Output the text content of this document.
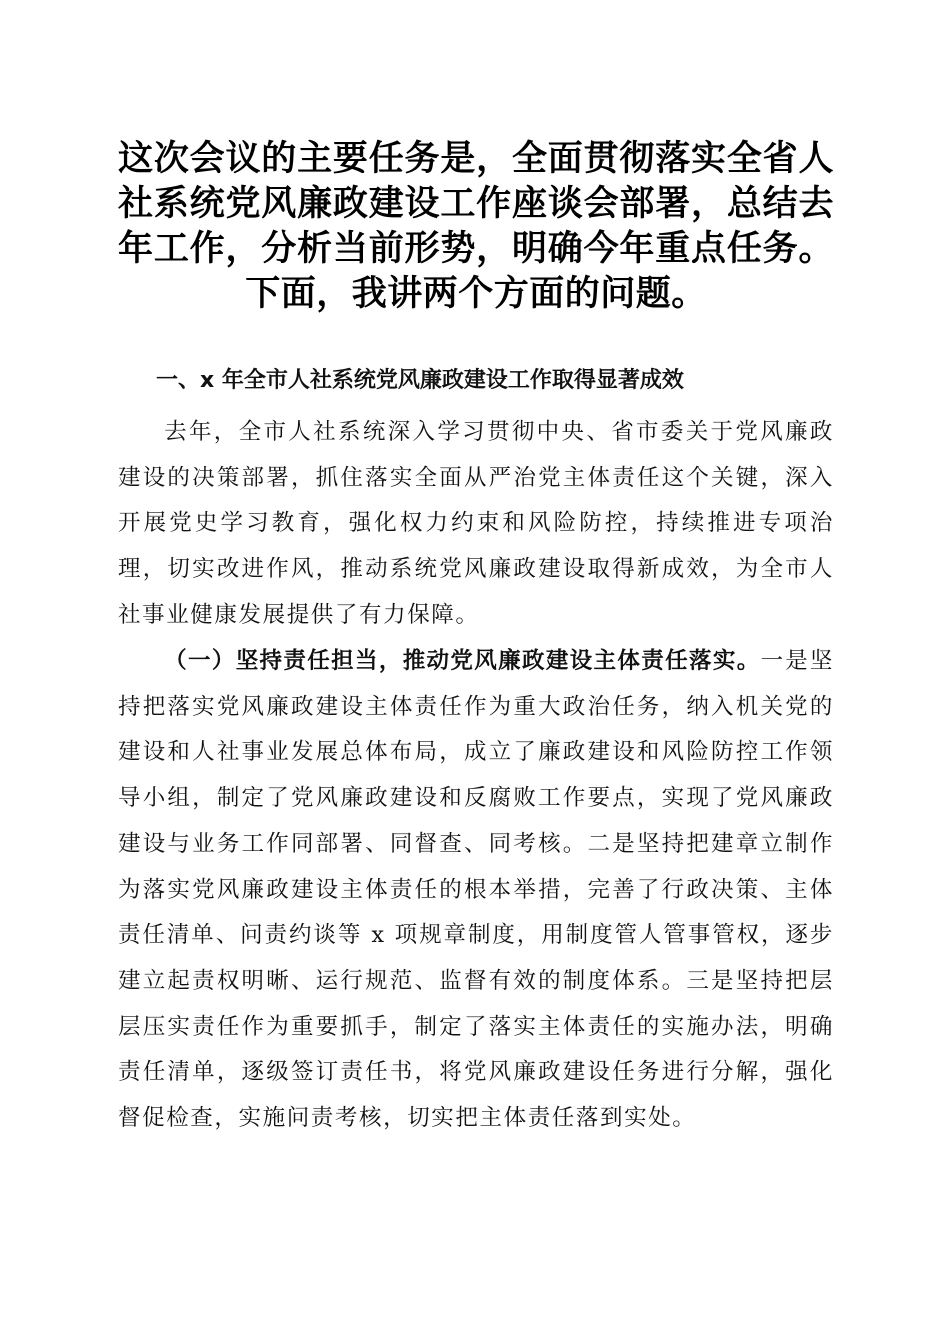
这次会议的主要任务是，全面贯彻落实全省人社系统党风廉政建设工作座谈会部署，总结去年工作，分析当前形势，明确今年重点任务。下面，我讲两个方面的问题。
一、x 年全市人社系统党风廉政建设工作取得显著成效

去年，全市人社系统深入学习贯彻中央、省市委关于党风廉政建设的决策部署，抓住落实全面从严治党主体责任这个关键，深入开展党史学习教育，强化权力约束和风险防控，持续推进专项治理，切实改进作风，推动系统党风廉政建设取得新成效，为全市人社事业健康发展提供了有力保障。

（一）坚持责任担当，推动党风廉政建设主体责任落实。一是坚持把落实党风廉政建设主体责任作为重大政治任务，纳入机关党的建设和人社事业发展总体布局，成立了廉政建设和风险防控工作领导小组，制定了党风廉政建设和反腐败工作要点，实现了党风廉政建设与业务工作同部署、同督查、同考核。二是坚持把建章立制作为落实党风廉政建设主体责任的根本举措，完善了行政决策、主体责任清单、问责约谈等 x 项规章制度，用制度管人管事管权，逐步建立起责权明晰、运行规范、监督有效的制度体系。三是坚持把层层压实责任作为重要抓手，制定了落实主体责任的实施办法，明确责任清单，逐级签订责任书，将党风廉政建设任务进行分解，强化督促检查，实施问责考核，切实把主体责任落到实处。
